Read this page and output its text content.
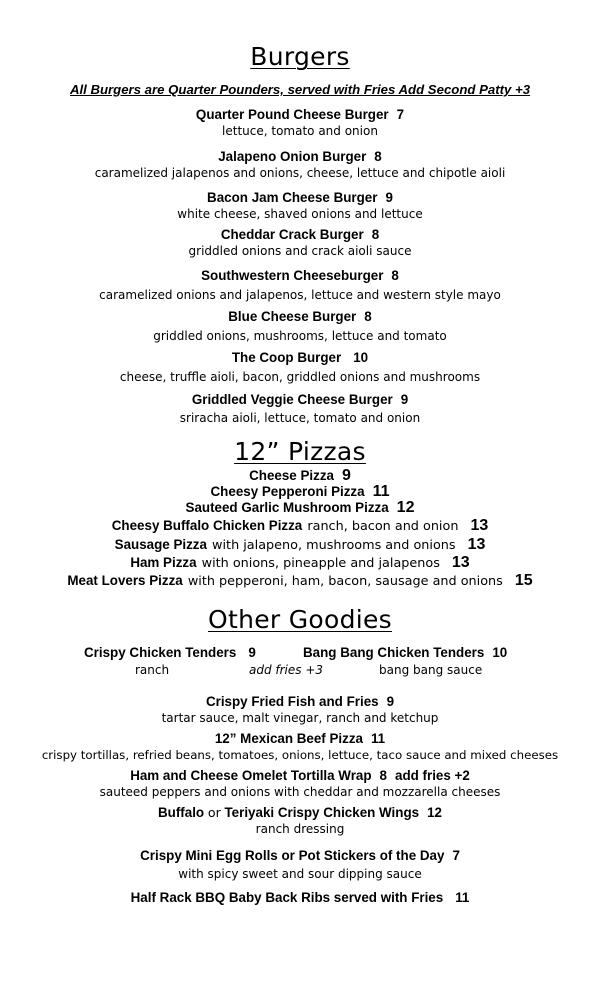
Burgers
All Burgers are Quarter Pounders, served with Fries Add Second Patty +3
Quarter Pound Cheese Burger 7
lettuce, tomato and onion
Jalapeno Onion Burger 8
caramelized jalapenos and onions, cheese, lettuce and chipotle aioli
Bacon Jam Cheese Burger 9
white cheese, shaved onions and lettuce
Cheddar Crack Burger 8
griddled onions and crack aioli sauce
Southwestern Cheeseburger 8
caramelized onions and jalapenos, lettuce and western style mayo
Blue Cheese Burger 8
griddled onions, mushrooms, lettuce and tomato
The Coop Burger 10
cheese, truffle aioli, bacon, griddled onions and mushrooms
Griddled Veggie Cheese Burger 9
sriracha aioli, lettuce, tomato and onion
12” Pizzas
Cheese Pizza 9
Cheesy Pepperoni Pizza 11
Sauteed Garlic Mushroom Pizza 12
Cheesy Buffalo Chicken Pizza ranch, bacon and onion 13
Sausage Pizza with jalapeno, mushrooms and onions 13
Ham Pizza with onions, pineapple and jalapenos 13
Meat Lovers Pizza with pepperoni, ham, bacon, sausage and onions 15
Other Goodies
Crispy Chicken Tenders 9	Bang Bang Chicken Tenders 10
ranch	add fries +3	bang bang sauce
Crispy Fried Fish and Fries 9
tartar sauce, malt vinegar, ranch and ketchup
12” Mexican Beef Pizza 11
crispy tortillas, refried beans, tomatoes, onions, lettuce, taco sauce and mixed cheeses
Ham and Cheese Omelet Tortilla Wrap 8 add fries +2
sauteed peppers and onions with cheddar and mozzarella cheeses
Buffalo or Teriyaki Crispy Chicken Wings 12
ranch dressing
Crispy Mini Egg Rolls or Pot Stickers of the Day 7
with spicy sweet and sour dipping sauce
Half Rack BBQ Baby Back Ribs served with Fries 11
